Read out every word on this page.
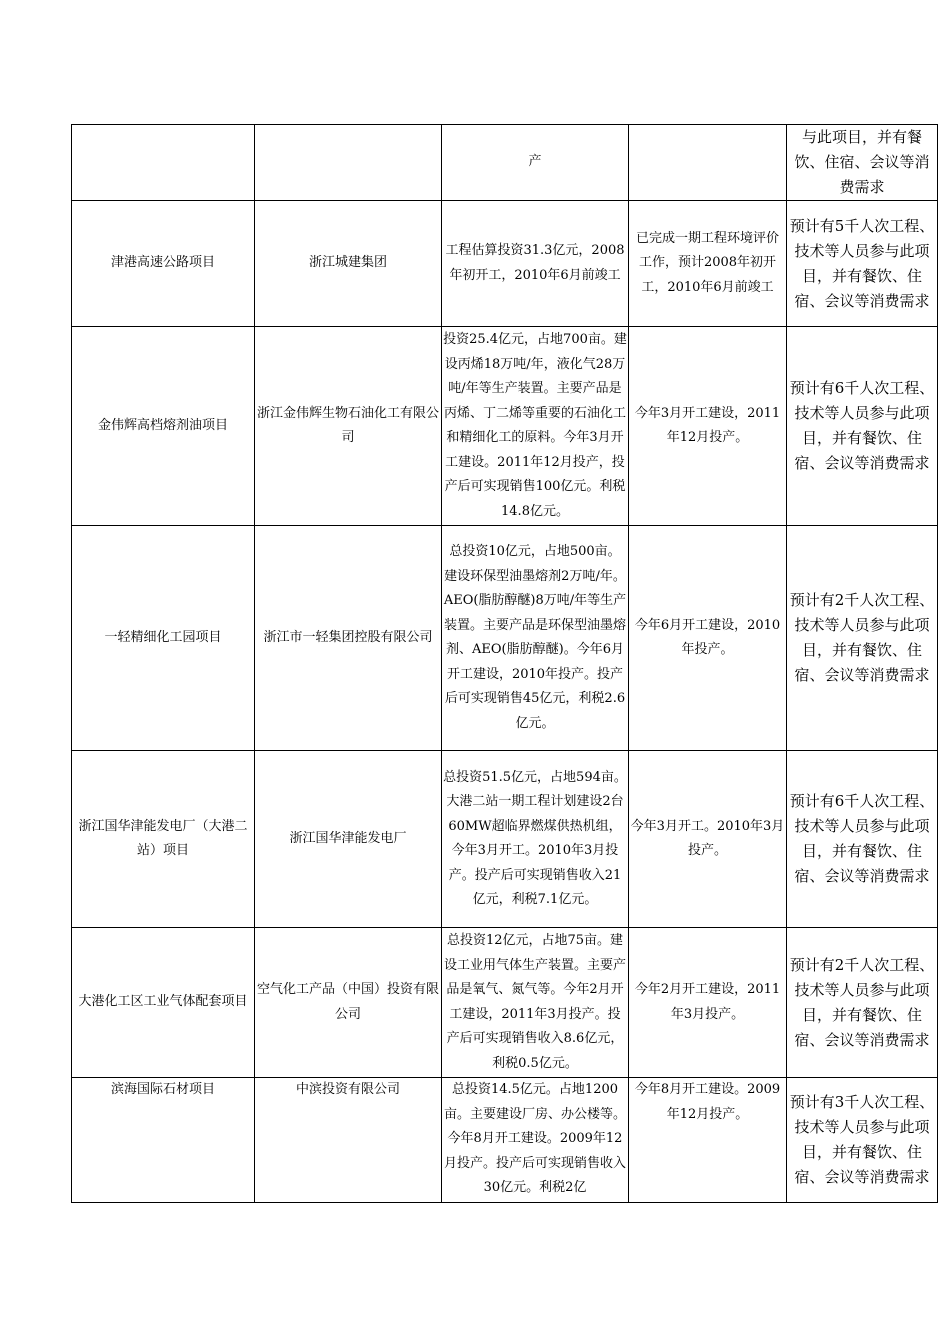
		产		与此项目，并有餐饮、住宿、会议等消费需求
津港高速公路项目	浙江城建集团	工程估算投资31.3亿元，2008年初开工，2010年6月前竣工	已完成一期工程环境评价工作，预计2008年初开工，2010年6月前竣工	预计有5千人次工程、技术等人员参与此项目，并有餐饮、住宿、会议等消费需求
金伟辉高档熔剂油项目	浙江金伟辉生物石油化工有限公司	投资25.4亿元，占地700亩。建设丙烯18万吨/年，液化气28万吨/年等生产装置。主要产品是丙烯、丁二烯等重要的石油化工和精细化工的原料。今年3月开工建设。2011年12月投产，投产后可实现销售100亿元。利税14.8亿元。	今年3月开工建设，2011年12月投产。	预计有6千人次工程、技术等人员参与此项目，并有餐饮、住宿、会议等消费需求
一轻精细化工园项目	浙江市一轻集团控股有限公司	总投资10亿元，占地500亩。建设环保型油墨熔剂2万吨/年。AEO(脂肪醇醚)8万吨/年等生产装置。主要产品是环保型油墨熔剂、AEO(脂肪醇醚)。今年6月开工建设，2010年投产。投产后可实现销售45亿元，利税2.6亿元。	今年6月开工建设，2010年投产。	预计有2千人次工程、技术等人员参与此项目，并有餐饮、住宿、会议等消费需求
浙江国华津能发电厂（大港二站）项目	浙江国华津能发电厂	总投资51.5亿元，占地594亩。大港二站一期工程计划建设2台60MW超临界燃煤供热机组，今年3月开工。2010年3月投产。投产后可实现销售收入21亿元，利税7.1亿元。	今年3月开工。2010年3月投产。	预计有6千人次工程、技术等人员参与此项目，并有餐饮、住宿、会议等消费需求
大港化工区工业气体配套项目	空气化工产品（中国）投资有限公司	总投资12亿元，占地75亩。建设工业用气体生产装置。主要产品是氧气、氮气等。今年2月开工建设，2011年3月投产。投产后可实现销售收入8.6亿元，利税0.5亿元。	今年2月开工建设，2011年3月投产。	预计有2千人次工程、技术等人员参与此项目，并有餐饮、住宿、会议等消费需求
滨海国际石材项目	中滨投资有限公司	总投资14.5亿元。占地1200亩。主要建设厂房、办公楼等。今年8月开工建设。2009年12月投产。投产后可实现销售收入30亿元。利税2亿	今年8月开工建设。2009年12月投产。	预计有3千人次工程、技术等人员参与此项目，并有餐饮、住宿、会议等消费需求
